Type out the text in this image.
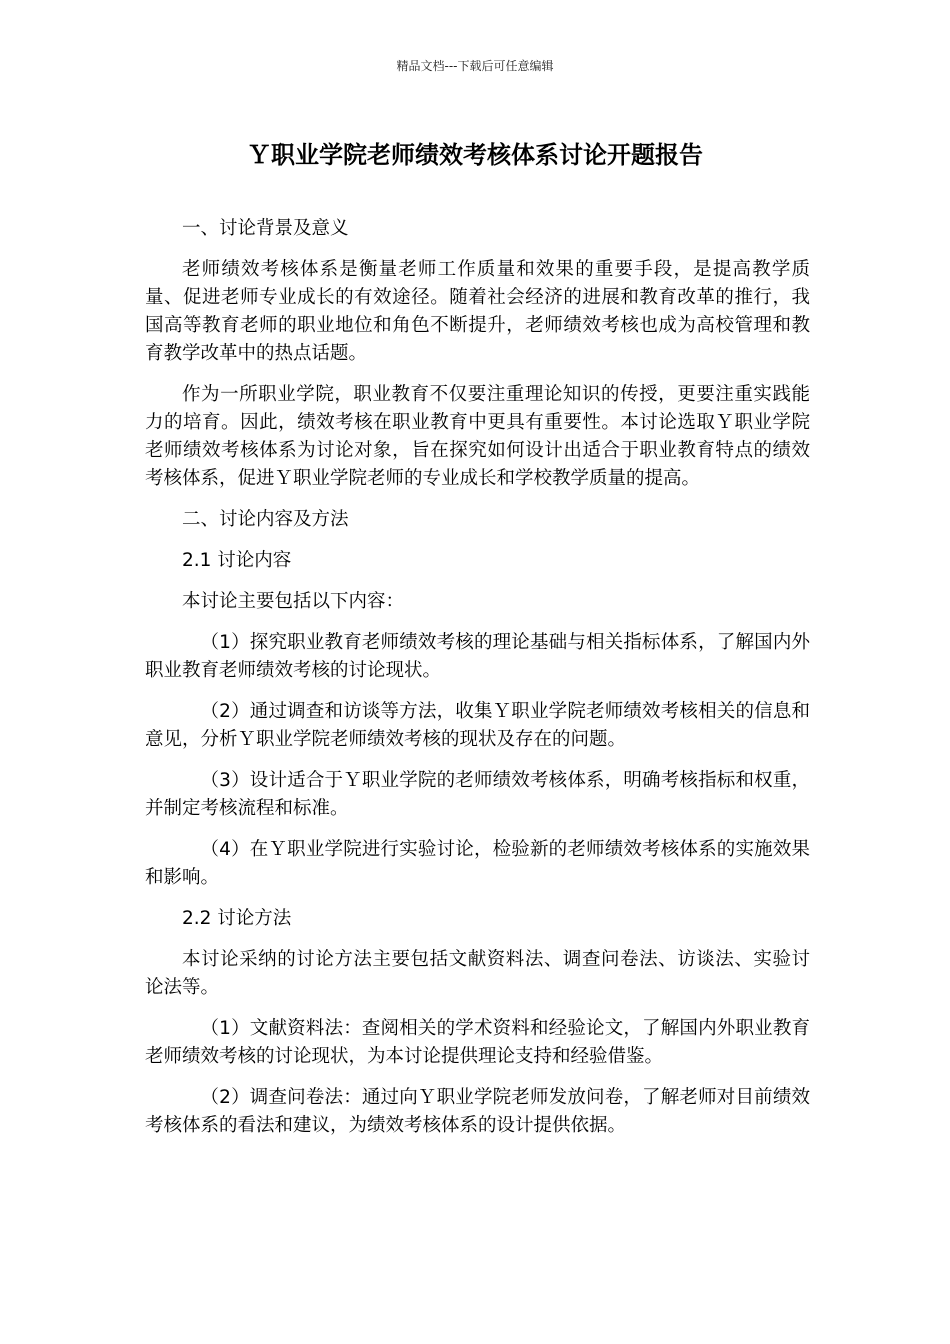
精品文档---下载后可任意编辑
Ｙ职业学院老师绩效考核体系讨论开题报告

一、讨论背景及意义

老师绩效考核体系是衡量老师工作质量和效果的重要手段，是提高教学质量、促进老师专业成长的有效途径。随着社会经济的进展和教育改革的推行，我国高等教育老师的职业地位和角色不断提升，老师绩效考核也成为高校管理和教育教学改革中的热点话题。

作为一所职业学院，职业教育不仅要注重理论知识的传授，更要注重实践能力的培育。因此，绩效考核在职业教育中更具有重要性。本讨论选取Ｙ职业学院老师绩效考核体系为讨论对象，旨在探究如何设计出适合于职业教育特点的绩效考核体系，促进Ｙ职业学院老师的专业成长和学校教学质量的提高。

二、讨论内容及方法

2.1 讨论内容

本讨论主要包括以下内容：

（1）探究职业教育老师绩效考核的理论基础与相关指标体系，了解国内外职业教育老师绩效考核的讨论现状。

（2）通过调查和访谈等方法，收集Ｙ职业学院老师绩效考核相关的信息和意见，分析Ｙ职业学院老师绩效考核的现状及存在的问题。

（3）设计适合于Ｙ职业学院的老师绩效考核体系，明确考核指标和权重，并制定考核流程和标准。

（4）在Ｙ职业学院进行实验讨论，检验新的老师绩效考核体系的实施效果和影响。

2.2 讨论方法

本讨论采纳的讨论方法主要包括文献资料法、调查问卷法、访谈法、实验讨论法等。

（1）文献资料法：查阅相关的学术资料和经验论文，了解国内外职业教育老师绩效考核的讨论现状，为本讨论提供理论支持和经验借鉴。

（2）调查问卷法：通过向Ｙ职业学院老师发放问卷，了解老师对目前绩效考核体系的看法和建议，为绩效考核体系的设计提供依据。
